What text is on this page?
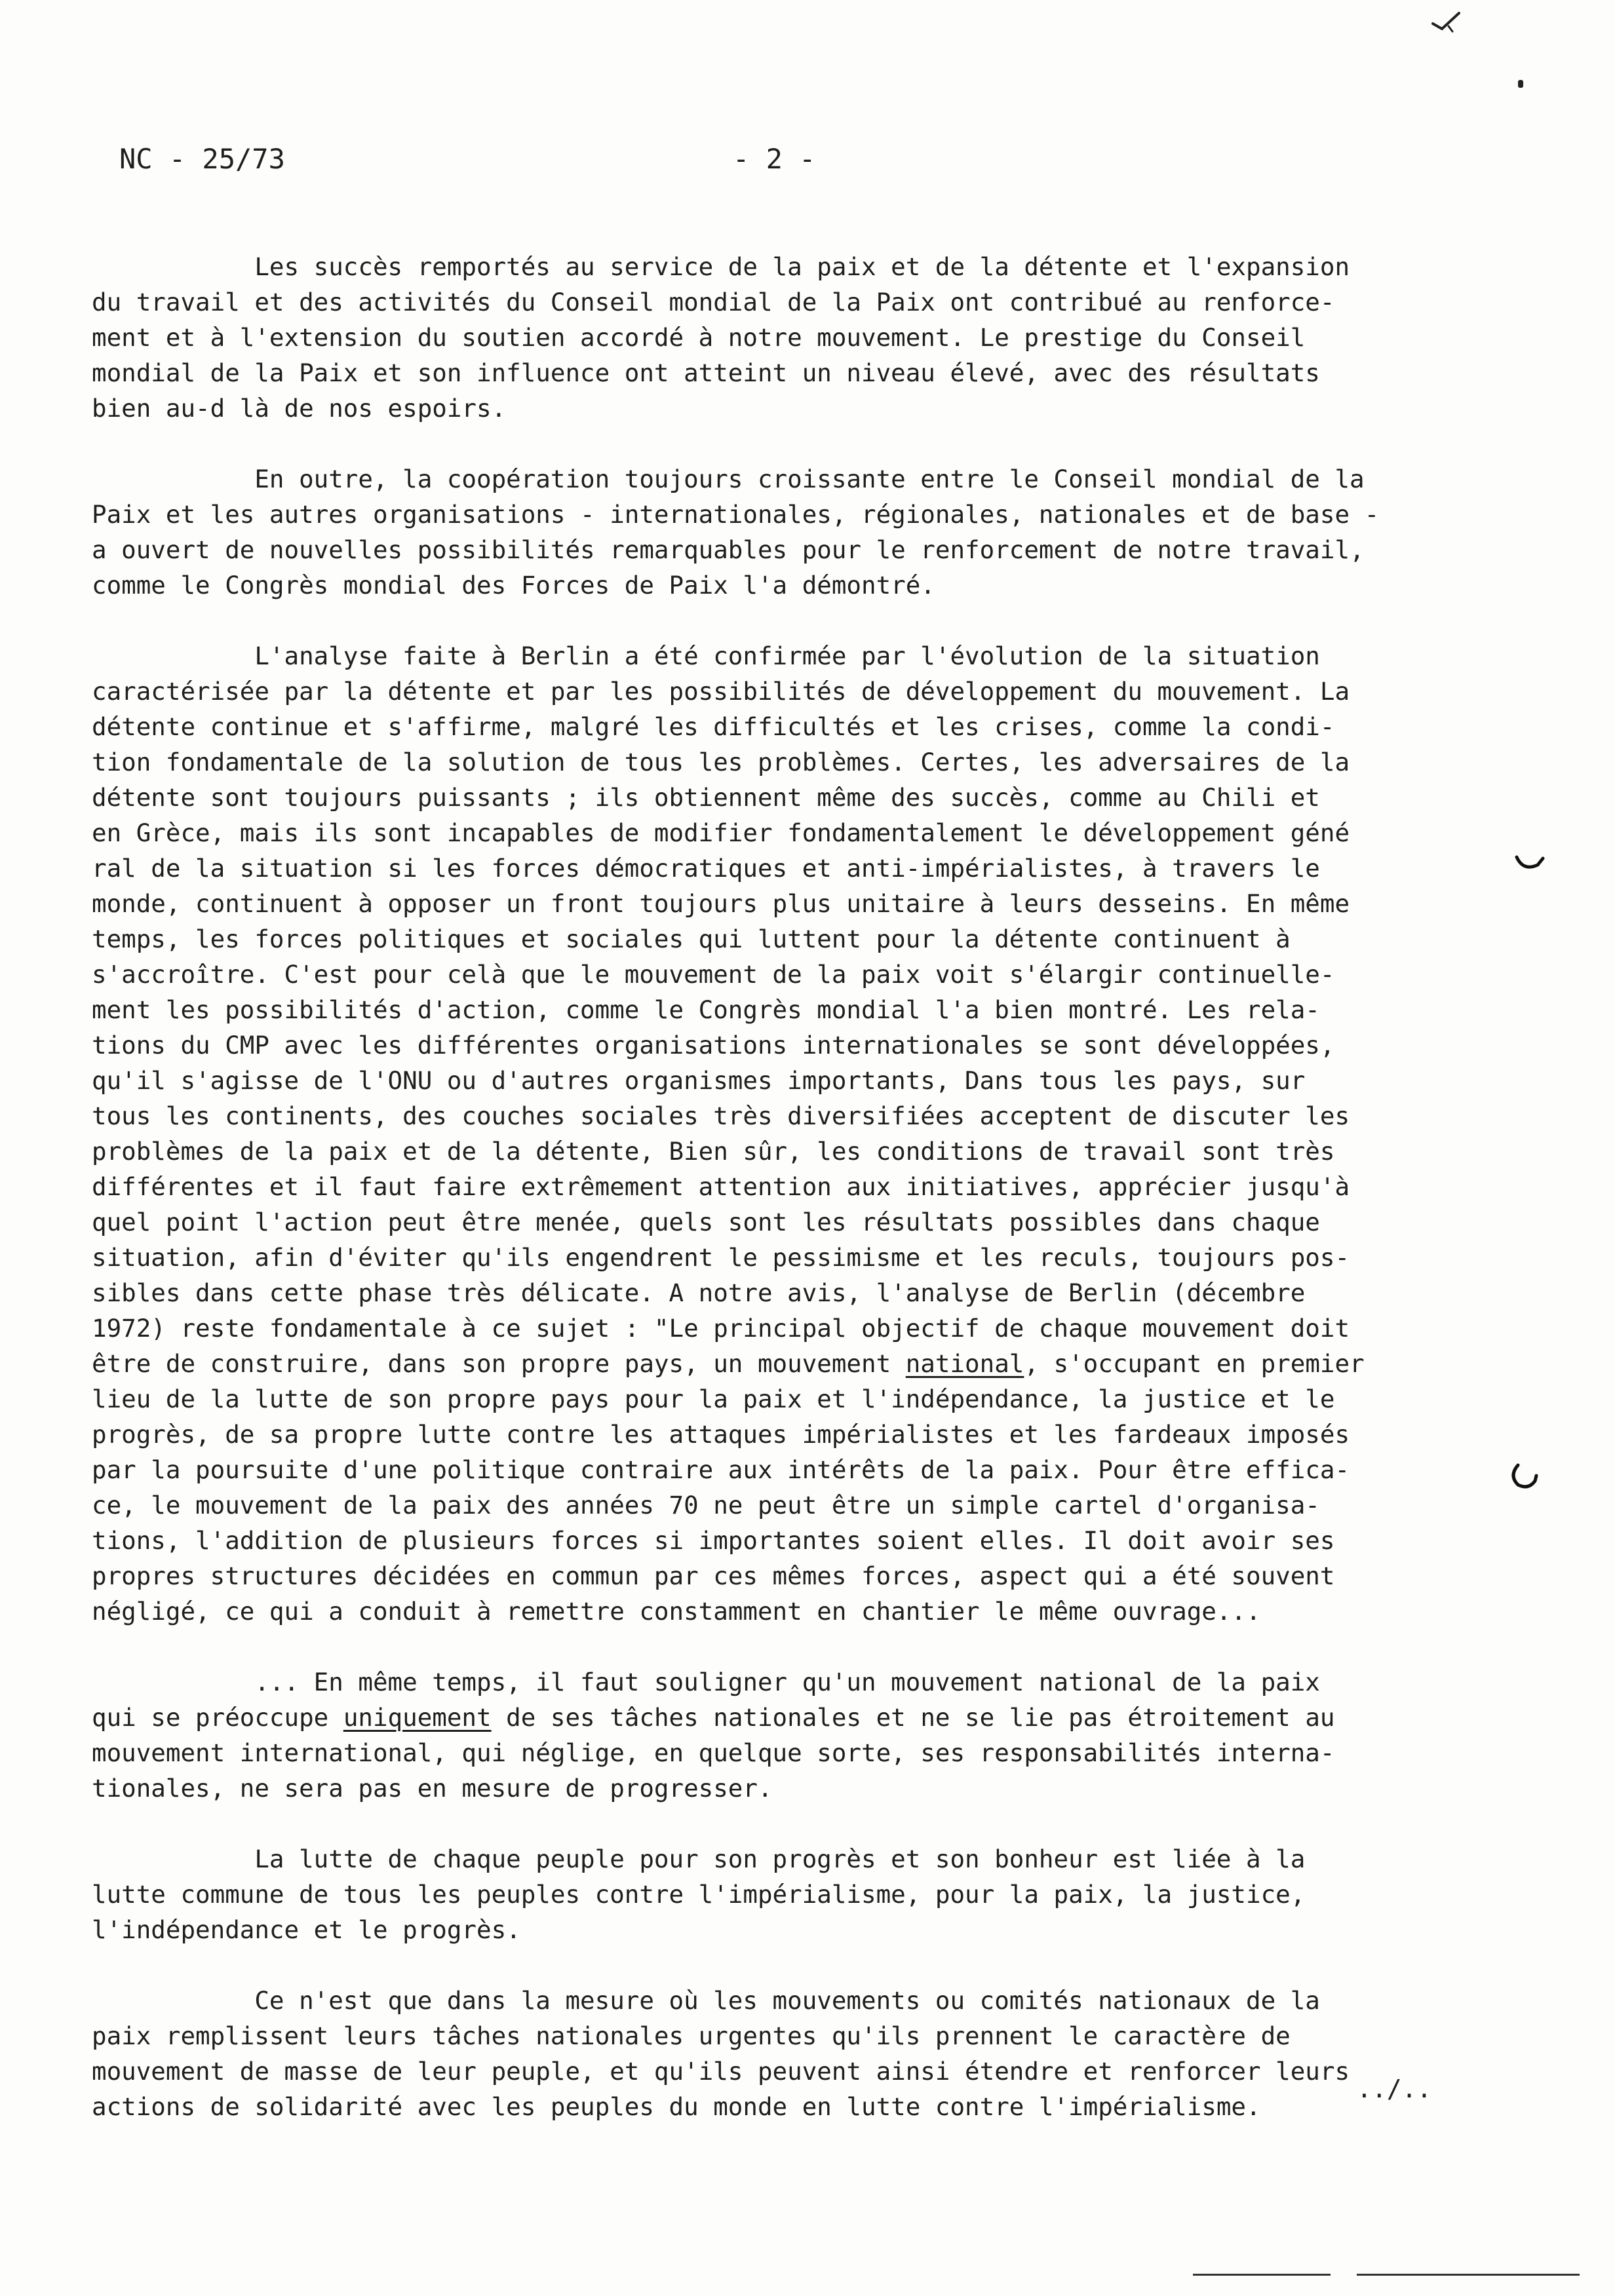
NC - 25/73	- 2 -
Les succès remportés au service de la paix et de la détente et l'expansion
du travail et des activités du Conseil mondial de la Paix ont contribué au renforce-
ment et à l'extension du soutien accordé à notre mouvement. Le prestige du Conseil
mondial de la Paix et son influence ont atteint un niveau élevé, avec des résultats
bien au-d là de nos espoirs.
En outre, la coopération toujours croissante entre le Conseil mondial de la
Paix et les autres organisations - internationales, régionales, nationales et de base -
a ouvert de nouvelles possibilités remarquables pour le renforcement de notre travail,
comme le Congrès mondial des Forces de Paix l'a démontré.
L'analyse faite à Berlin a été confirmée par l'évolution de la situation
caractérisée par la détente et par les possibilités de développement du mouvement. La
détente continue et s'affirme, malgré les difficultés et les crises, comme la condi-
tion fondamentale de la solution de tous les problèmes. Certes, les adversaires de la
détente sont toujours puissants ; ils obtiennent même des succès, comme au Chili et
en Grèce, mais ils sont incapables de modifier fondamentalement le développement géné
ral de la situation si les forces démocratiques et anti-impérialistes, à travers le
monde, continuent à opposer un front toujours plus unitaire à leurs desseins. En même
temps, les forces politiques et sociales qui luttent pour la détente continuent à
s'accroître. C'est pour celà que le mouvement de la paix voit s'élargir continuelle-
ment les possibilités d'action, comme le Congrès mondial l'a bien montré. Les rela-
tions du CMP avec les différentes organisations internationales se sont développées,
qu'il s'agisse de l'ONU ou d'autres organismes importants, Dans tous les pays, sur
tous les continents, des couches sociales très diversifiées acceptent de discuter les
problèmes de la paix et de la détente, Bien sûr, les conditions de travail sont très
différentes et il faut faire extrêmement attention aux initiatives, apprécier jusqu'à
quel point l'action peut être menée, quels sont les résultats possibles dans chaque
situation, afin d'éviter qu'ils engendrent le pessimisme et les reculs, toujours pos-
sibles dans cette phase très délicate. A notre avis, l'analyse de Berlin (décembre
1972) reste fondamentale à ce sujet : "Le principal objectif de chaque mouvement doit
être de construire, dans son propre pays, un mouvement national, s'occupant en premier
lieu de la lutte de son propre pays pour la paix et l'indépendance, la justice et le
progrès, de sa propre lutte contre les attaques impérialistes et les fardeaux imposés
par la poursuite d'une politique contraire aux intérêts de la paix. Pour être effica-
ce, le mouvement de la paix des années 70 ne peut être un simple cartel d'organisa-
tions, l'addition de plusieurs forces si importantes soient elles. Il doit avoir ses
propres structures décidées en commun par ces mêmes forces, aspect qui a été souvent
négligé, ce qui a conduit à remettre constamment en chantier le même ouvrage...
... En même temps, il faut souligner qu'un mouvement national de la paix
qui se préoccupe uniquement de ses tâches nationales et ne se lie pas étroitement au
mouvement international, qui néglige, en quelque sorte, ses responsabilités interna-
tionales, ne sera pas en mesure de progresser.
La lutte de chaque peuple pour son progrès et son bonheur est liée à la
lutte commune de tous les peuples contre l'impérialisme, pour la paix, la justice,
l'indépendance et le progrès.
Ce n'est que dans la mesure où les mouvements ou comités nationaux de la
paix remplissent leurs tâches nationales urgentes qu'ils prennent le caractère de
mouvement de masse de leur peuple, et qu'ils peuvent ainsi étendre et renforcer leurs
actions de solidarité avec les peuples du monde en lutte contre l'impérialisme.
../..
